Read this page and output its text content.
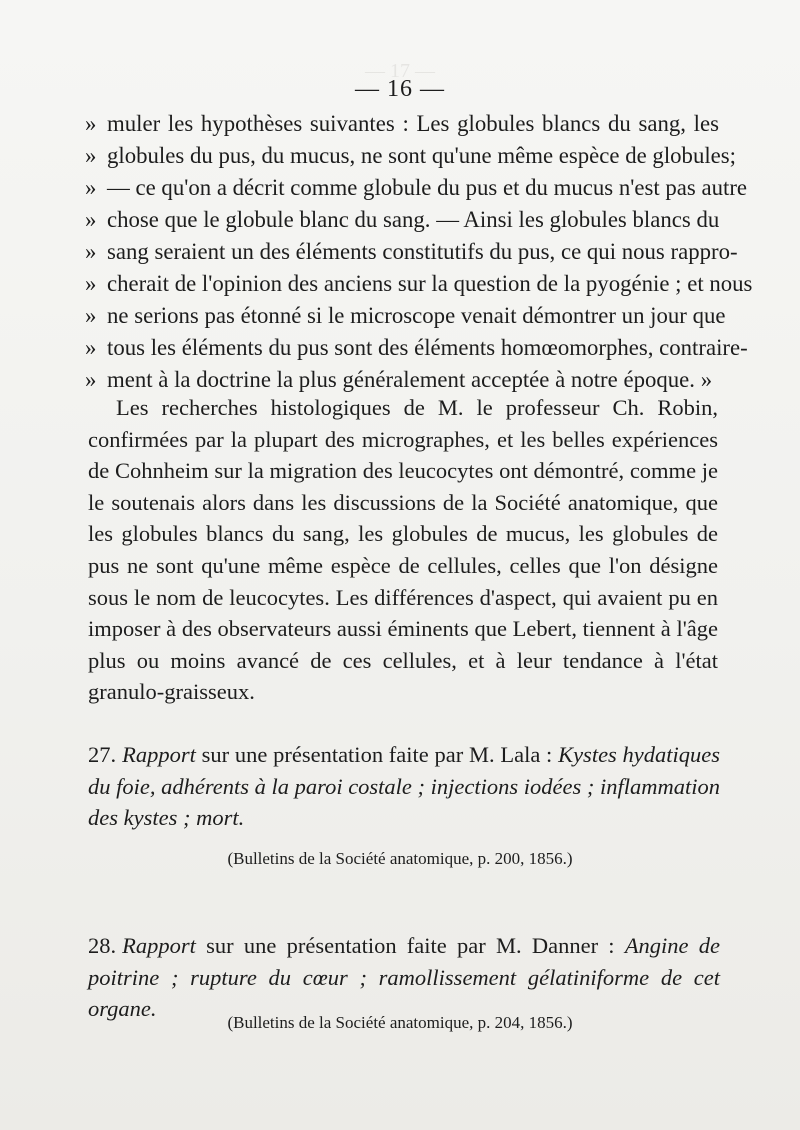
— 17 —
— 16 —
» muler les hypothèses suivantes : Les globules blancs du sang, les
» globules du pus, du mucus, ne sont qu'une même espèce de globules;
» — ce qu'on a décrit comme globule du pus et du mucus n'est pas autre
» chose que le globule blanc du sang. — Ainsi les globules blancs du
» sang seraient un des éléments constitutifs du pus, ce qui nous rappro-
» cherait de l'opinion des anciens sur la question de la pyogénie ; et nous
» ne serions pas étonné si le microscope venait démontrer un jour que
» tous les éléments du pus sont des éléments homœomorphes, contraire-
» ment à la doctrine la plus généralement acceptée à notre époque. »

Les recherches histologiques de M. le professeur Ch. Robin, confirmées par la plupart des micrographes, et les belles expériences de Cohnheim sur la migration des leucocytes ont démontré, comme je le soutenais alors dans les discussions de la Société anatomique, que les globules blancs du sang, les globules de mucus, les globules de pus ne sont qu'une même espèce de cellules, celles que l'on désigne sous le nom de leucocytes. Les différences d'aspect, qui avaient pu en imposer à des observateurs aussi éminents que Lebert, tiennent à l'âge plus ou moins avancé de ces cellules, et à leur tendance à l'état granulo-graisseux.

27. Rapport sur une présentation faite par M. Lala : Kystes hydatiques du foie, adhérents à la paroi costale ; injections iodées ; inflammation des kystes ; mort.
(Bulletins de la Société anatomique, p. 200, 1856.)
28. Rapport sur une présentation faite par M. Danner : Angine de poitrine ; rupture du cœur ; ramollissement gélatiniforme de cet organe.
(Bulletins de la Société anatomique, p. 204, 1856.)
